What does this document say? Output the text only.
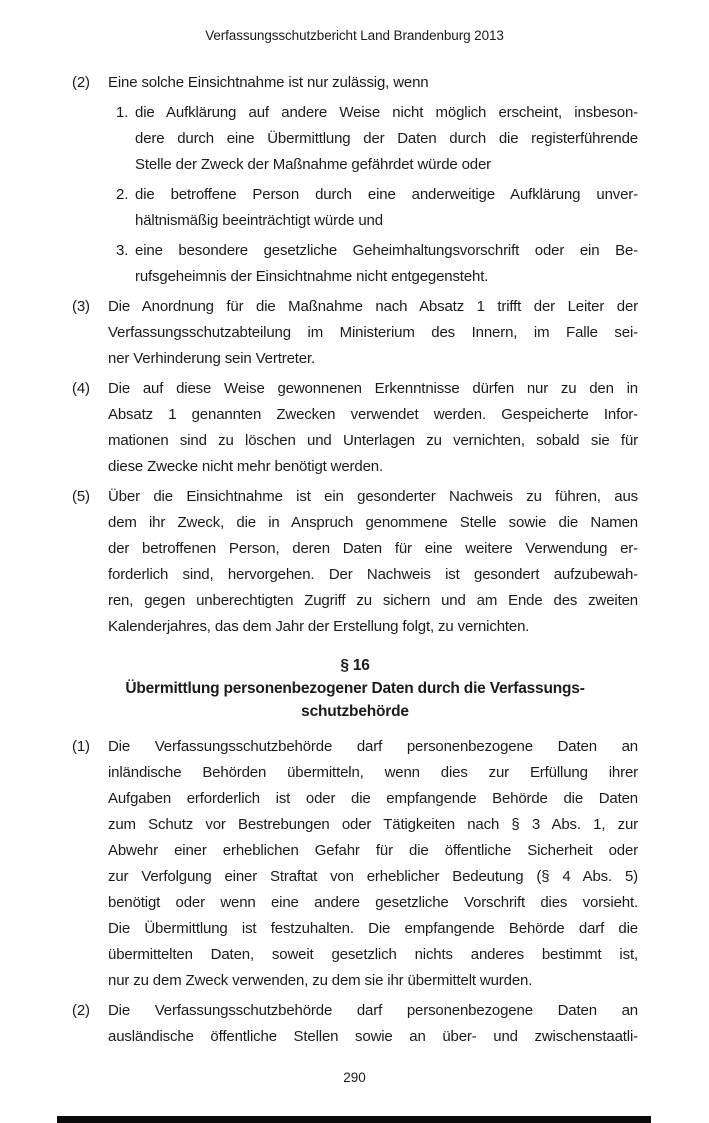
Verfassungsschutzbericht Land Brandenburg 2013
(2)	Eine solche Einsichtnahme ist nur zulässig, wenn
1. die Aufklärung auf andere Weise nicht möglich erscheint, insbeson-
dere durch eine Übermittlung der Daten durch die registerführende
Stelle der Zweck der Maßnahme gefährdet würde oder
2. die betroffene Person durch eine anderweitige Aufklärung unver-
hältnismäßig beeinträchtigt würde und
3. eine besondere gesetzliche Geheimhaltungsvorschrift oder ein Be-
rufsgeheimnis der Einsichtnahme nicht entgegensteht.
(3)	Die Anordnung für die Maßnahme nach Absatz 1 trifft der Leiter der
Verfassungsschutzabteilung im Ministerium des Innern, im Falle sei-
ner Verhinderung sein Vertreter.
(4)	Die auf diese Weise gewonnenen Erkenntnisse dürfen nur zu den in
Absatz 1 genannten Zwecken verwendet werden. Gespeicherte Infor-
mationen sind zu löschen und Unterlagen zu vernichten, sobald sie für
diese Zwecke nicht mehr benötigt werden.
(5)	Über die Einsichtnahme ist ein gesonderter Nachweis zu führen, aus
dem ihr Zweck, die in Anspruch genommene Stelle sowie die Namen
der betroffenen Person, deren Daten für eine weitere Verwendung er-
forderlich sind, hervorgehen. Der Nachweis ist gesondert aufzubewah-
ren, gegen unberechtigten Zugriff zu sichern und am Ende des zweiten
Kalenderjahres, das dem Jahr der Erstellung folgt, zu vernichten.
§ 16
Übermittlung personenbezogener Daten durch die Verfassungs-
schutzbehörde
(1)	Die Verfassungsschutzbehörde darf personenbezogene Daten an
inländische Behörden übermitteln, wenn dies zur Erfüllung ihrer
Aufgaben erforderlich ist oder die empfangende Behörde die Daten
zum Schutz vor Bestrebungen oder Tätigkeiten nach § 3 Abs. 1, zur
Abwehr einer erheblichen Gefahr für die öffentliche Sicherheit oder
zur Verfolgung einer Straftat von erheblicher Bedeutung (§ 4 Abs. 5)
benötigt oder wenn eine andere gesetzliche Vorschrift dies vorsieht.
Die Übermittlung ist festzuhalten. Die empfangende Behörde darf die
übermittelten Daten, soweit gesetzlich nichts anderes bestimmt ist,
nur zu dem Zweck verwenden, zu dem sie ihr übermittelt wurden.
(2)	Die Verfassungsschutzbehörde darf personenbezogene Daten an
ausländische öffentliche Stellen sowie an über- und zwischenstaatli-
290
